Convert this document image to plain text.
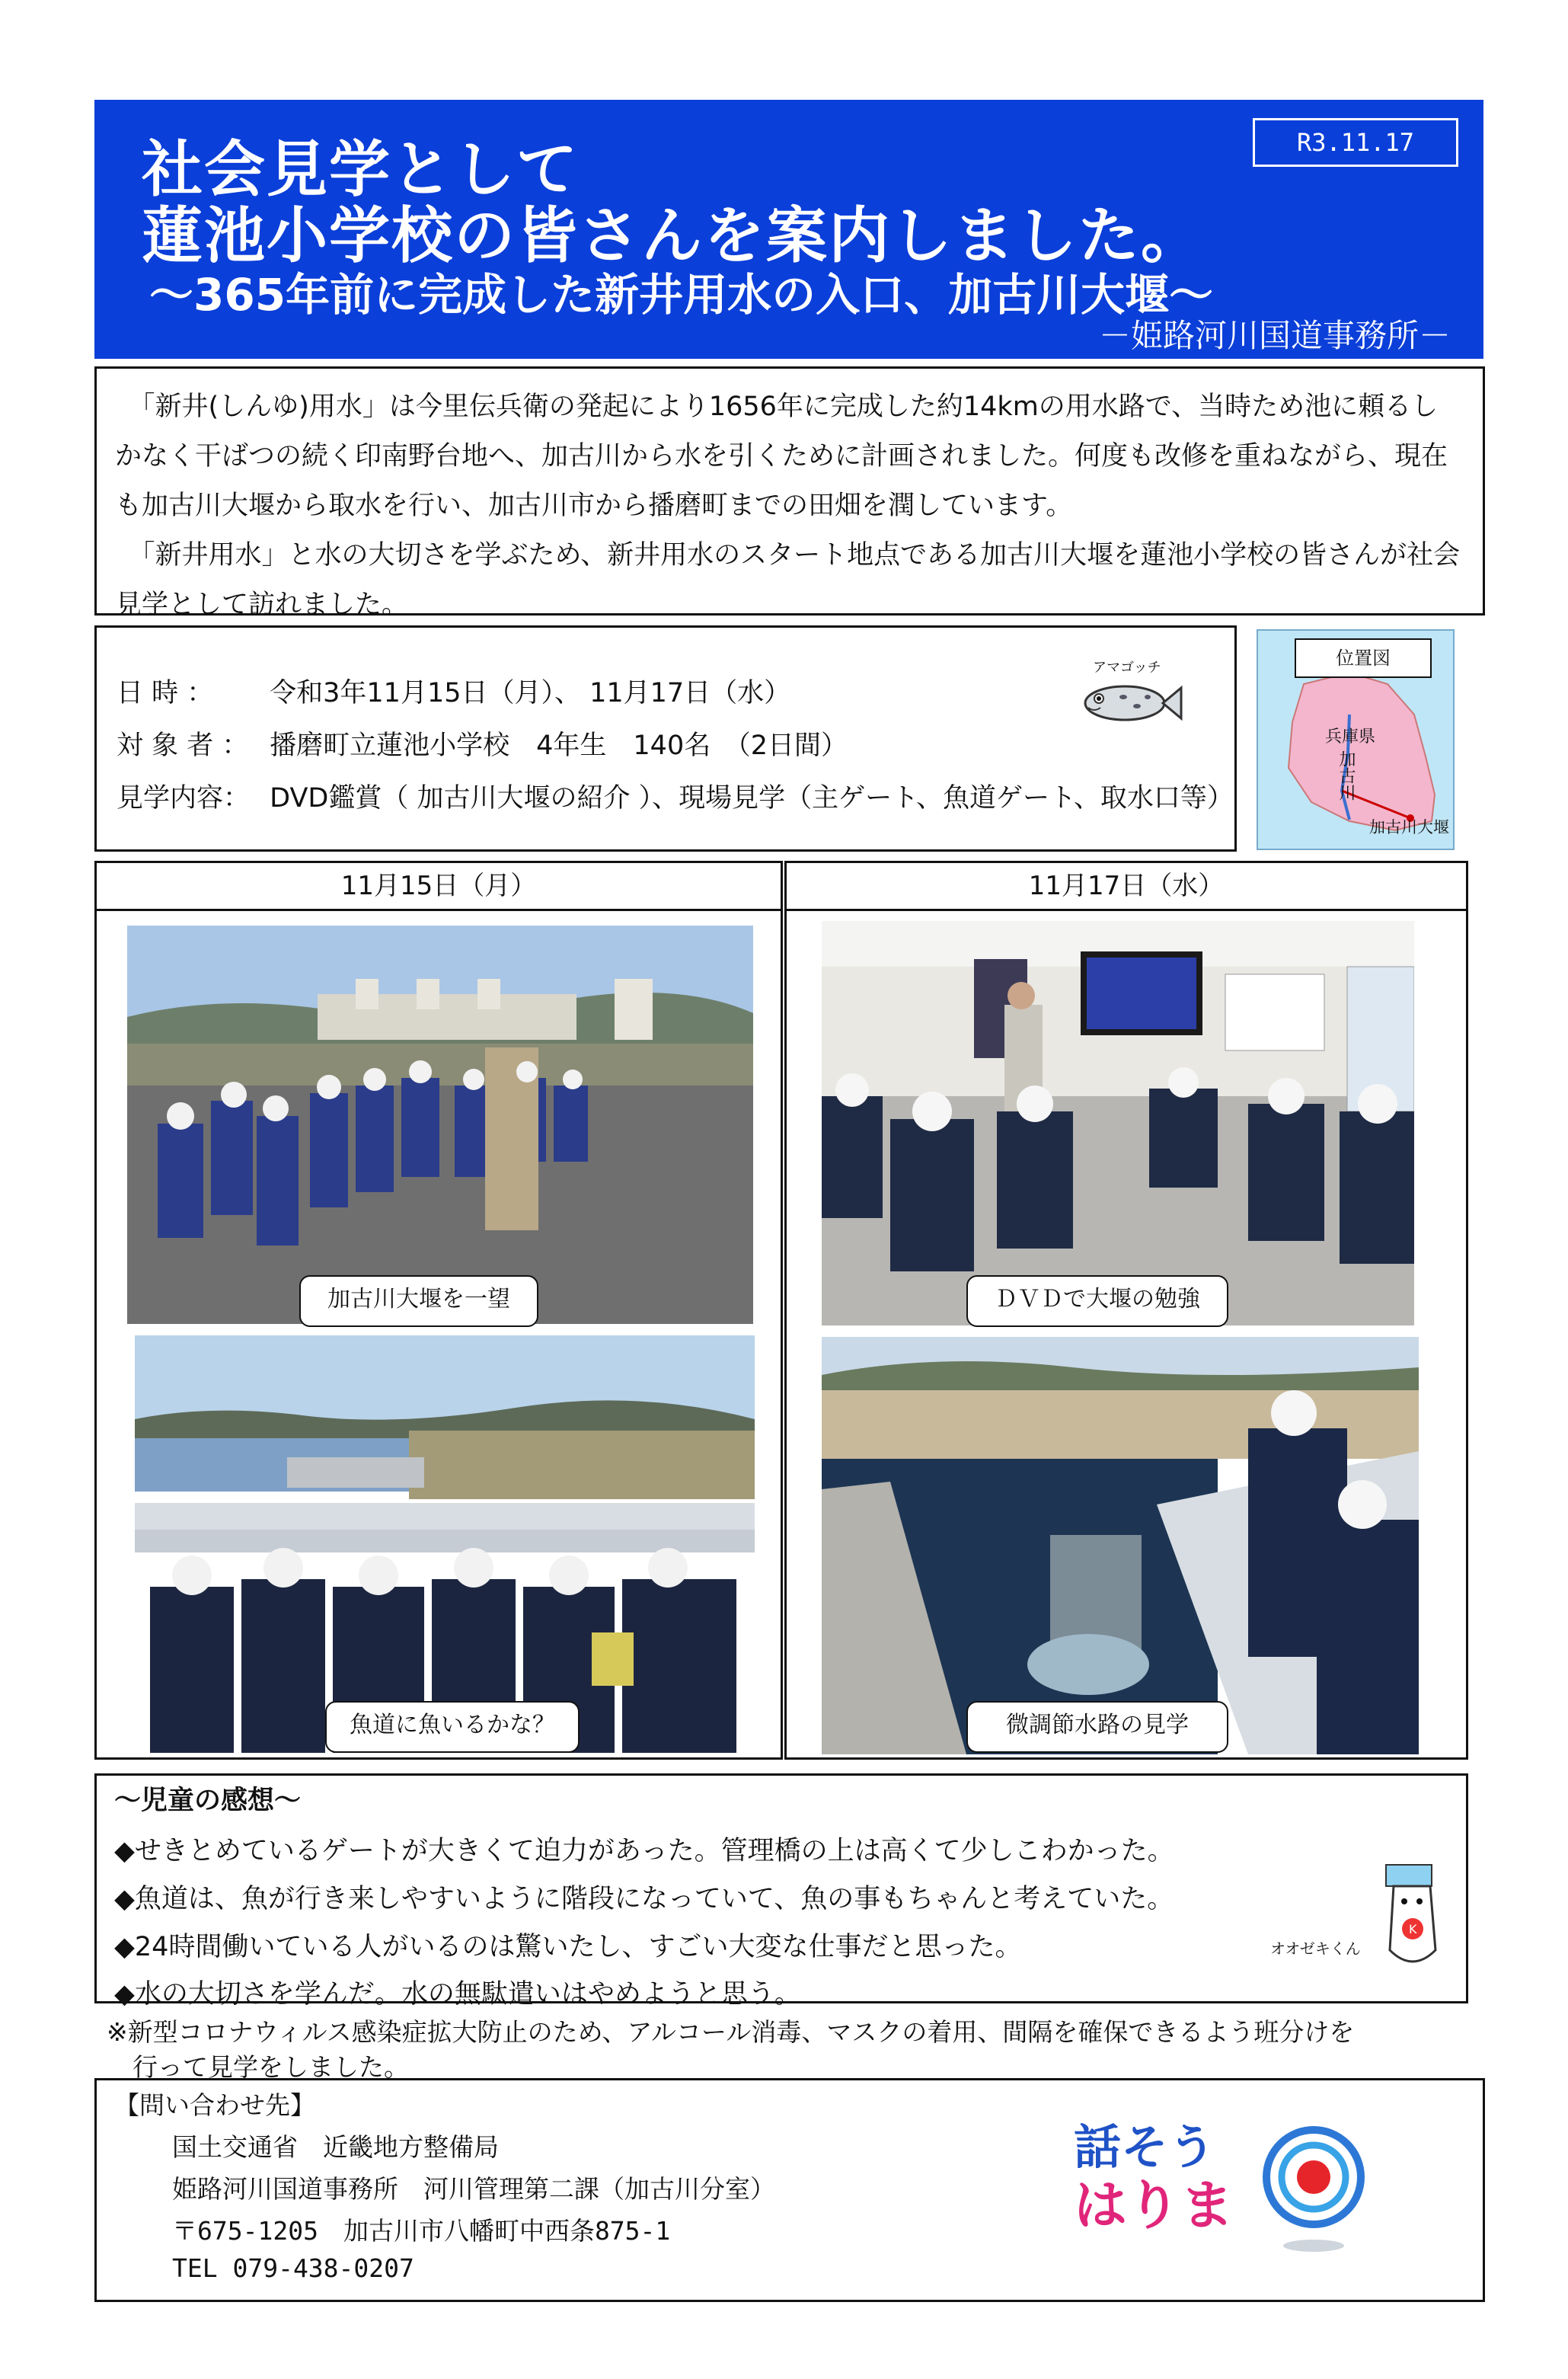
社会見学として
蓮池小学校の皆さんを案内しました。
～365年前に完成した新井用水の入口、加古川大堰～
－姫路河川国道事務所－
R3.11.17
　「新井(しんゆ)用水」は今里伝兵衛の発起により1656年に完成した約14kmの用水路で、当時ため池に頼るしかなく干ばつの続く印南野台地へ、加古川から水を引くために計画されました。何度も改修を重ねながら、現在も加古川大堰から取水を行い、加古川市から播磨町までの田畑を潤しています。
　「新井用水」と水の大切さを学ぶため、新井用水のスタート地点である加古川大堰を蓮池小学校の皆さんが社会見学として訪れました。
日 時 ： 令和3年11月15日（月）、 11月17日（水）
対 象 者 ： 播磨町立蓮池小学校　4年生　140名　（2日間）
見学内容： DVD鑑賞（ 加古川大堰の紹介 ）、現場見学（主ゲート、魚道ゲート、取水口等）
アマゴッチ	位置図
兵庫県
加古川
加古川大堰
11月15日（月）
加古川大堰を一望
魚道に魚いるかな？
11月17日（水）
ＤＶＤで大堰の勉強
微調節水路の見学
～児童の感想～
◆せきとめているゲートが大きくて迫力があった。管理橋の上は高くて少しこわかった。
◆魚道は、魚が行き来しやすいように階段になっていて、魚の事もちゃんと考えていた。
◆24時間働いている人がいるのは驚いたし、すごい大変な仕事だと思った。
◆水の大切さを学んだ。水の無駄遣いはやめようと思う。
K
オオゼキくん
※新型コロナウィルス感染症拡大防止のため、アルコール消毒、マスクの着用、間隔を確保できるよう班分けを
行って見学をしました。
【問い合わせ先】
国土交通省　近畿地方整備局
姫路河川国道事務所　河川管理第二課（加古川分室）
〒675-1205　加古川市八幡町中西条875-1
TEL 079-438-0207
話そう
はりま
